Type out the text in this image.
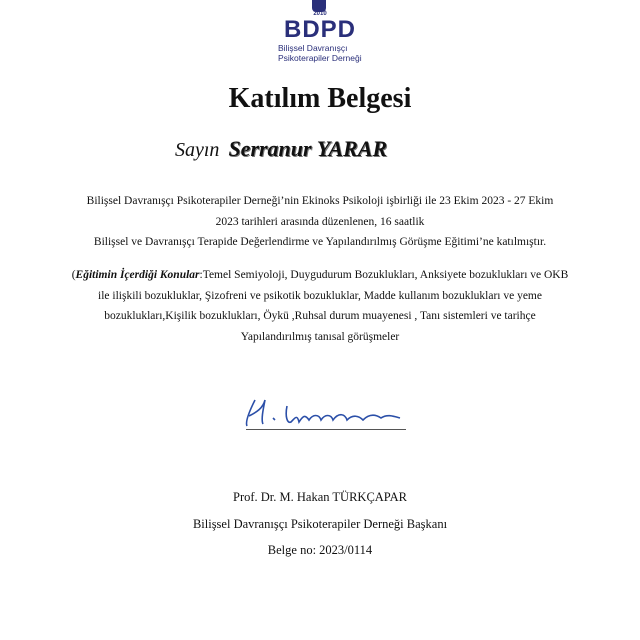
2010
BDPD
Bilişsel Davranışçı
Psikoterapiler Derneği
Katılım Belgesi
Sayın Serranur YARAR
Bilişsel Davranışçı Psikoterapiler Derneği’nin Ekinoks Psikoloji işbirliği ile 23 Ekim 2023 - 27 Ekim
2023 tarihleri arasında düzenlenen, 16 saatlik
Bilişsel ve Davranışçı Terapide Değerlendirme ve Yapılandırılmış Görüşme Eğitimi’ne katılmıştır.
(Eğitimin İçerdiği Konular:Temel Semiyoloji, Duygudurum Bozuklukları, Anksiyete bozuklukları ve OKB ile ilişkili bozukluklar, Şizofreni ve psikotik bozukluklar, Madde kullanım bozuklukları ve yeme bozuklukları,Kişilik bozuklukları, Öykü ,Ruhsal durum muayenesi , Tanı sistemleri ve tarihçe Yapılandırılmış tanısal görüşmeler
Prof. Dr. M. Hakan TÜRKÇAPAR
Bilişsel Davranışçı Psikoterapiler Derneği Başkanı
Belge no: 2023/0114
